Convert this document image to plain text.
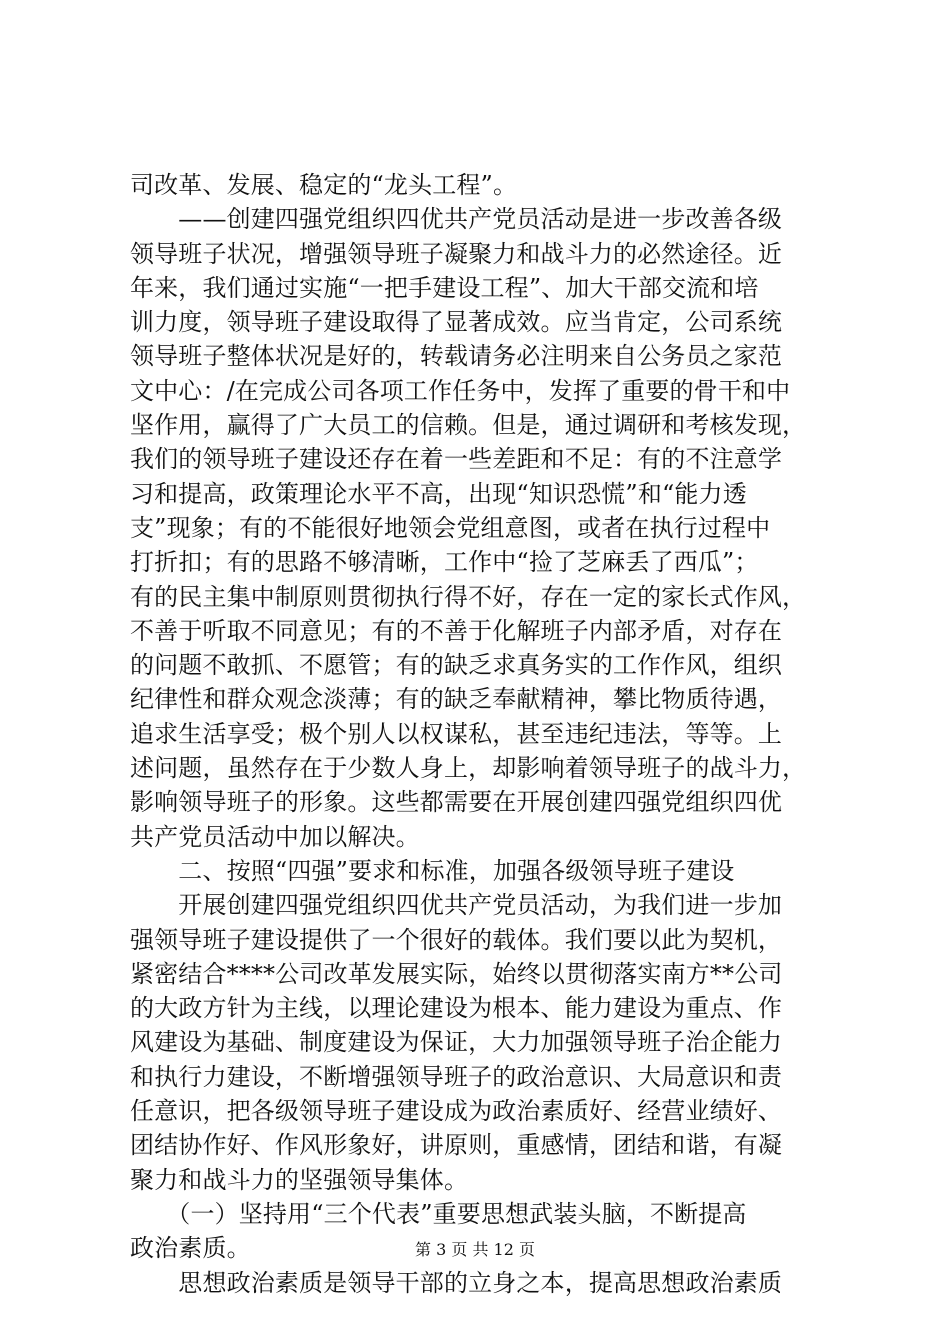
司改革、发展、稳定的“龙头工程”。
　　——创建四强党组织四优共产党员活动是进一步改善各级
领导班子状况，增强领导班子凝聚力和战斗力的必然途径。近
年来，我们通过实施“一把手建设工程”、加大干部交流和培
训力度，领导班子建设取得了显著成效。应当肯定，公司系统
领导班子整体状况是好的，转载请务必注明来自公务员之家范
文中心：/在完成公司各项工作任务中，发挥了重要的骨干和中
坚作用，赢得了广大员工的信赖。但是，通过调研和考核发现，
我们的领导班子建设还存在着一些差距和不足：有的不注意学
习和提高，政策理论水平不高，出现“知识恐慌”和“能力透
支”现象；有的不能很好地领会党组意图，或者在执行过程中
打折扣；有的思路不够清晰，工作中“捡了芝麻丢了西瓜”；
有的民主集中制原则贯彻执行得不好，存在一定的家长式作风，
不善于听取不同意见；有的不善于化解班子内部矛盾，对存在
的问题不敢抓、不愿管；有的缺乏求真务实的工作作风，组织
纪律性和群众观念淡薄；有的缺乏奉献精神，攀比物质待遇，
追求生活享受；极个别人以权谋私，甚至违纪违法，等等。上
述问题，虽然存在于少数人身上，却影响着领导班子的战斗力，
影响领导班子的形象。这些都需要在开展创建四强党组织四优
共产党员活动中加以解决。
　　二、按照“四强”要求和标准，加强各级领导班子建设
　　开展创建四强党组织四优共产党员活动，为我们进一步加
强领导班子建设提供了一个很好的载体。我们要以此为契机，
紧密结合****公司改革发展实际，始终以贯彻落实南方**公司
的大政方针为主线，以理论建设为根本、能力建设为重点、作
风建设为基础、制度建设为保证，大力加强领导班子治企能力
和执行力建设，不断增强领导班子的政治意识、大局意识和责
任意识，把各级领导班子建设成为政治素质好、经营业绩好、
团结协作好、作风形象好，讲原则，重感情，团结和谐，有凝
聚力和战斗力的坚强领导集体。
　　（一）坚持用“三个代表”重要思想武装头脑，不断提高
政治素质。
　　思想政治素质是领导干部的立身之本，提高思想政治素质
第 3 页 共 12 页
